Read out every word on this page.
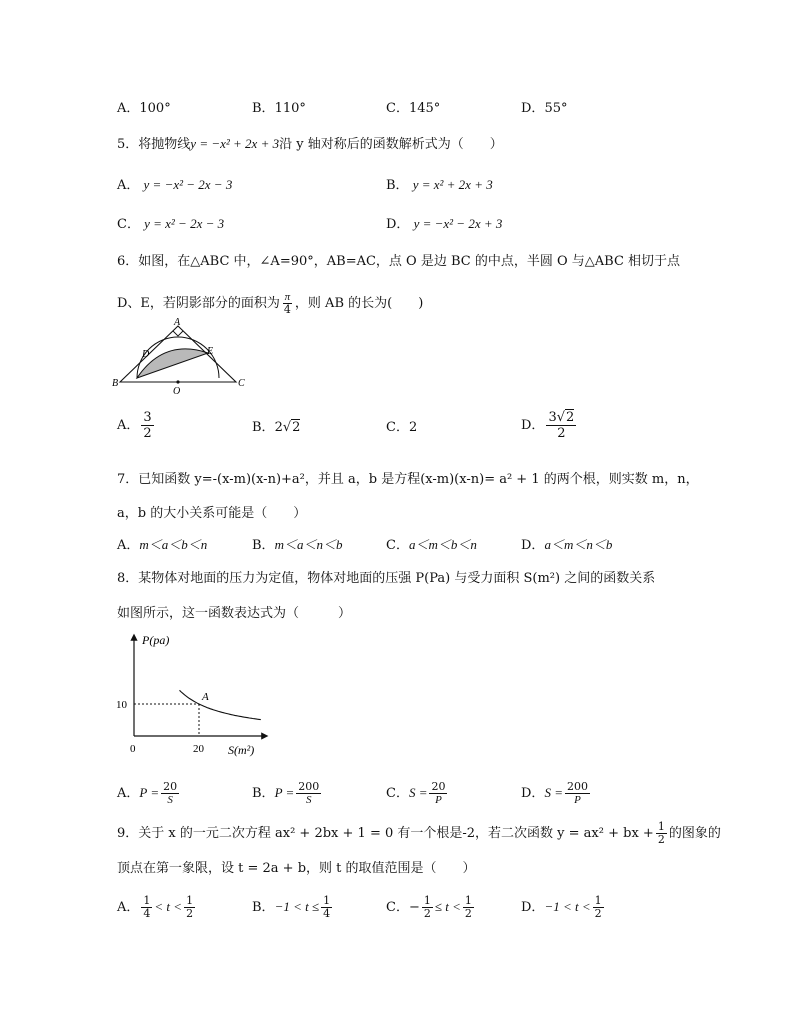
A．100°	B．110°	C．145°	D．55°
5．将抛物线y = −x² + 2x + 3沿 y 轴对称后的函数解析式为（　　）
A． y = −x² − 2x − 3	B． y = x² + 2x + 3
C． y = x² − 2x − 3	D． y = −x² − 2x + 3
6．如图，在△ABC 中，∠A=90°，AB=AC，点 O 是边 BC 的中点，半圆 O 与△ABC 相切于点
D、E，若阴影部分的面积为 $\frac{\pi}{4}$ ，则 AB 的长为(　　)
A
B	C
D	E
O
A． $\frac{3}{2}$	B．2√2	C．2	D． $\frac{3√2}{2}$
7．已知函数 y=-(x-m)(x-n)+a²，并且 a，b 是方程(x-m)(x-n)= a² + 1 的两个根，则实数 m，n，
a，b 的大小关系可能是（　　）
A．m＜a＜b＜n	B．m＜a＜n＜b	C．a＜m＜b＜n	D．a＜m＜n＜b
8．某物体对地面的压力为定值，物体对地面的压强 P(Pa) 与受力面积 S(m²) 之间的函数关系
如图所示，这一函数表达式为（　　　）
P(pa)
S(m²)
0
10
20
A
A．$P = \frac{20}{S}$	B．$P = \frac{200}{S}$	C．$S = \frac{20}{P}$	D．$S = \frac{200}{P}$
9．关于 x 的一元二次方程 ax² + 2bx + 1 = 0 有一个根是-2，若二次函数 y = ax² + bx + $\frac{1}{2}$ 的图象的
顶点在第一象限，设 t = 2a + b，则 t 的取值范围是（　　）
A． $\frac{1}{4} < t < \frac{1}{2}$	B．$-1 < t \le \frac{1}{4}$	C．− $\frac{1}{2} \le t < \frac{1}{2}$	D．$-1 < t < \frac{1}{2}$
